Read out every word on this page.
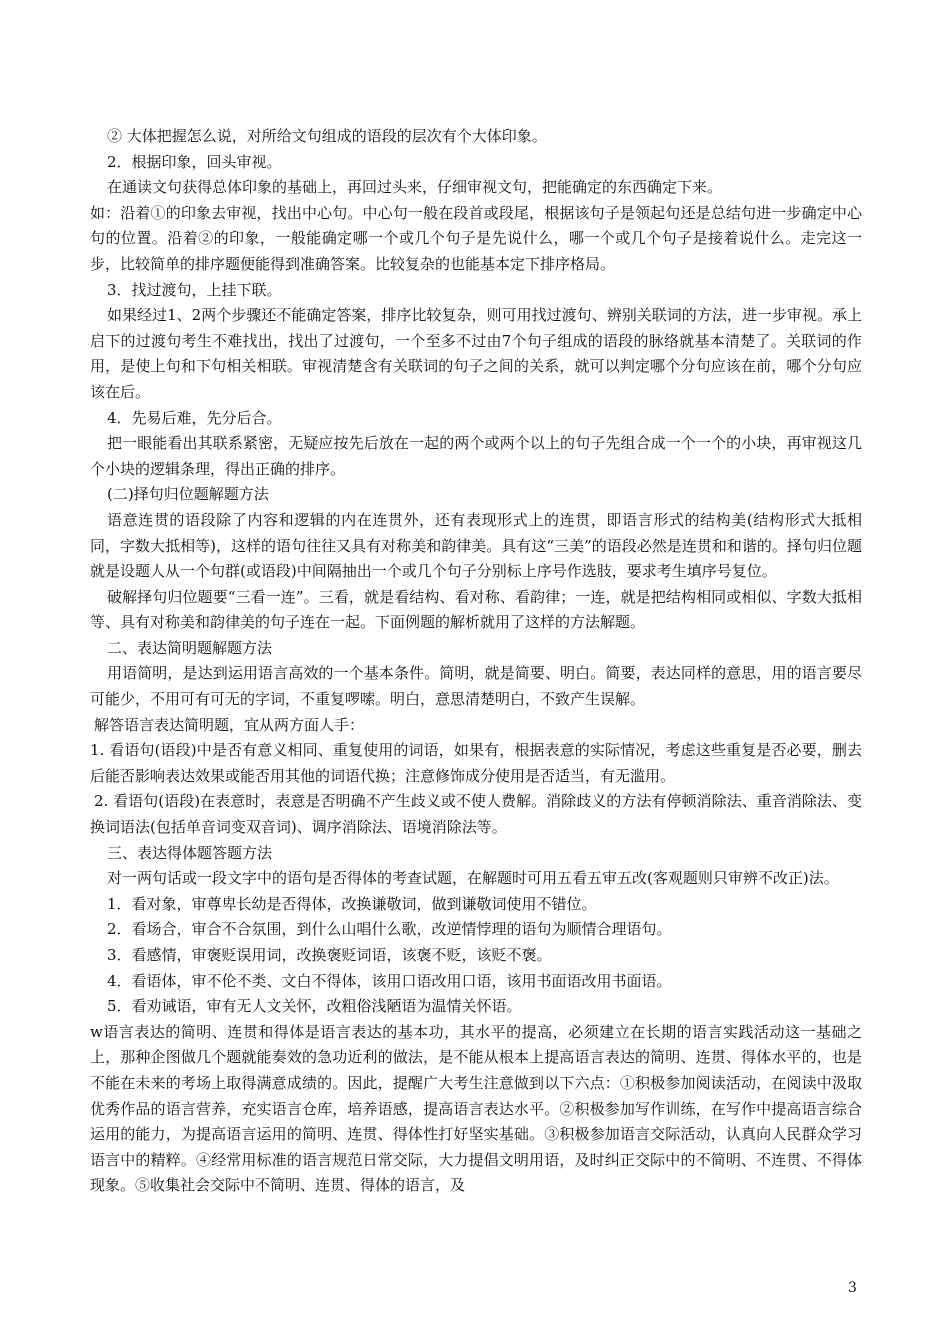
② 大体把握怎么说，对所给文句组成的语段的层次有个大体印象。

2．根据印象，回头审视。

在通读文句获得总体印象的基础上，再回过头来，仔细审视文句，把能确定的东西确定下来。

如：沿着①的印象去审视，找出中心句。中心句一般在段首或段尾，根据该句子是领起句还是总结句进一步确定中心句的位置。沿着②的印象，一般能确定哪一个或几个句子是先说什么，哪一个或几个句子是接着说什么。走完这一步，比较简单的排序题便能得到准确答案。比较复杂的也能基本定下排序格局。

3．找过渡句，上挂下联。

如果经过1、2两个步骤还不能确定答案，排序比较复杂，则可用找过渡句、辨别关联词的方法，进一步审视。承上启下的过渡句考生不难找出，找出了过渡句，一个至多不过由7个句子组成的语段的脉络就基本清楚了。关联词的作用，是使上句和下句相关相联。审视清楚含有关联词的句子之间的关系，就可以判定哪个分句应该在前，哪个分句应该在后。

4．先易后难，先分后合。

把一眼能看出其联系紧密，无疑应按先后放在一起的两个或两个以上的句子先组合成一个一个的小块，再审视这几个小块的逻辑条理，得出正确的排序。

(二)择句归位题解题方法

语意连贯的语段除了内容和逻辑的内在连贯外，还有表现形式上的连贯，即语言形式的结构美(结构形式大抵相同，字数大抵相等)，这样的语句往往又具有对称美和韵律美。具有这“三美”的语段必然是连贯和和谐的。择句归位题就是设题人从一个句群(或语段)中间隔抽出一个或几个句子分别标上序号作选肢，要求考生填序号复位。

破解择句归位题要“三看一连”。三看，就是看结构、看对称、看韵律；一连，就是把结构相同或相似、字数大抵相等、具有对称美和韵律美的句子连在一起。下面例题的解析就用了这样的方法解题。

二、表达简明题解题方法

用语简明，是达到运用语言高效的一个基本条件。简明，就是简要、明白。简要，表达同样的意思，用的语言要尽可能少，不用可有可无的字词，不重复啰嗦。明白，意思清楚明白，不致产生误解。

解答语言表达简明题，宜从两方面人手：

1. 看语句(语段)中是否有意义相同、重复使用的词语，如果有，根据表意的实际情况，考虑这些重复是否必要，删去后能否影响表达效果或能否用其他的词语代换；注意修饰成分使用是否适当，有无滥用。

2. 看语句(语段)在表意时，表意是否明确不产生歧义或不使人费解。消除歧义的方法有停顿消除法、重音消除法、变换词语法(包括单音词变双音词)、调序消除法、语境消除法等。

三、表达得体题答题方法

对一两句话或一段文字中的语句是否得体的考查试题，在解题时可用五看五审五改(客观题则只审辨不改正)法。

1．看对象，审尊卑长幼是否得体，改换谦敬词，做到谦敬词使用不错位。

2．看场合，审合不合氛围，到什么山唱什么歌，改逆情悖理的语句为顺情合理语句。

3．看感情，审褒贬误用词，改换褒贬词语，该褒不贬，该贬不褒。

4．看语体，审不伦不类、文白不得体，该用口语改用口语，该用书面语改用书面语。

5．看劝诫语，审有无人文关怀，改粗俗浅陋语为温情关怀语。

w语言表达的简明、连贯和得体是语言表达的基本功，其水平的提高，必须建立在长期的语言实践活动这一基础之上，那种企图做几个题就能奏效的急功近利的做法，是不能从根本上提高语言表达的简明、连贯、得体水平的，也是不能在未来的考场上取得满意成绩的。因此，提醒广大考生注意做到以下六点：①积极参加阅读活动，在阅读中汲取优秀作品的语言营养，充实语言仓库，培养语感，提高语言表达水平。②积极参加写作训练，在写作中提高语言综合运用的能力，为提高语言运用的简明、连贯、得体性打好坚实基础。③积极参加语言交际活动，认真向人民群众学习语言中的精粹。④经常用标准的语言规范日常交际，大力提倡文明用语，及时纠正交际中的不简明、不连贯、不得体现象。⑤收集社会交际中不简明、连贯、得体的语言，及

3
